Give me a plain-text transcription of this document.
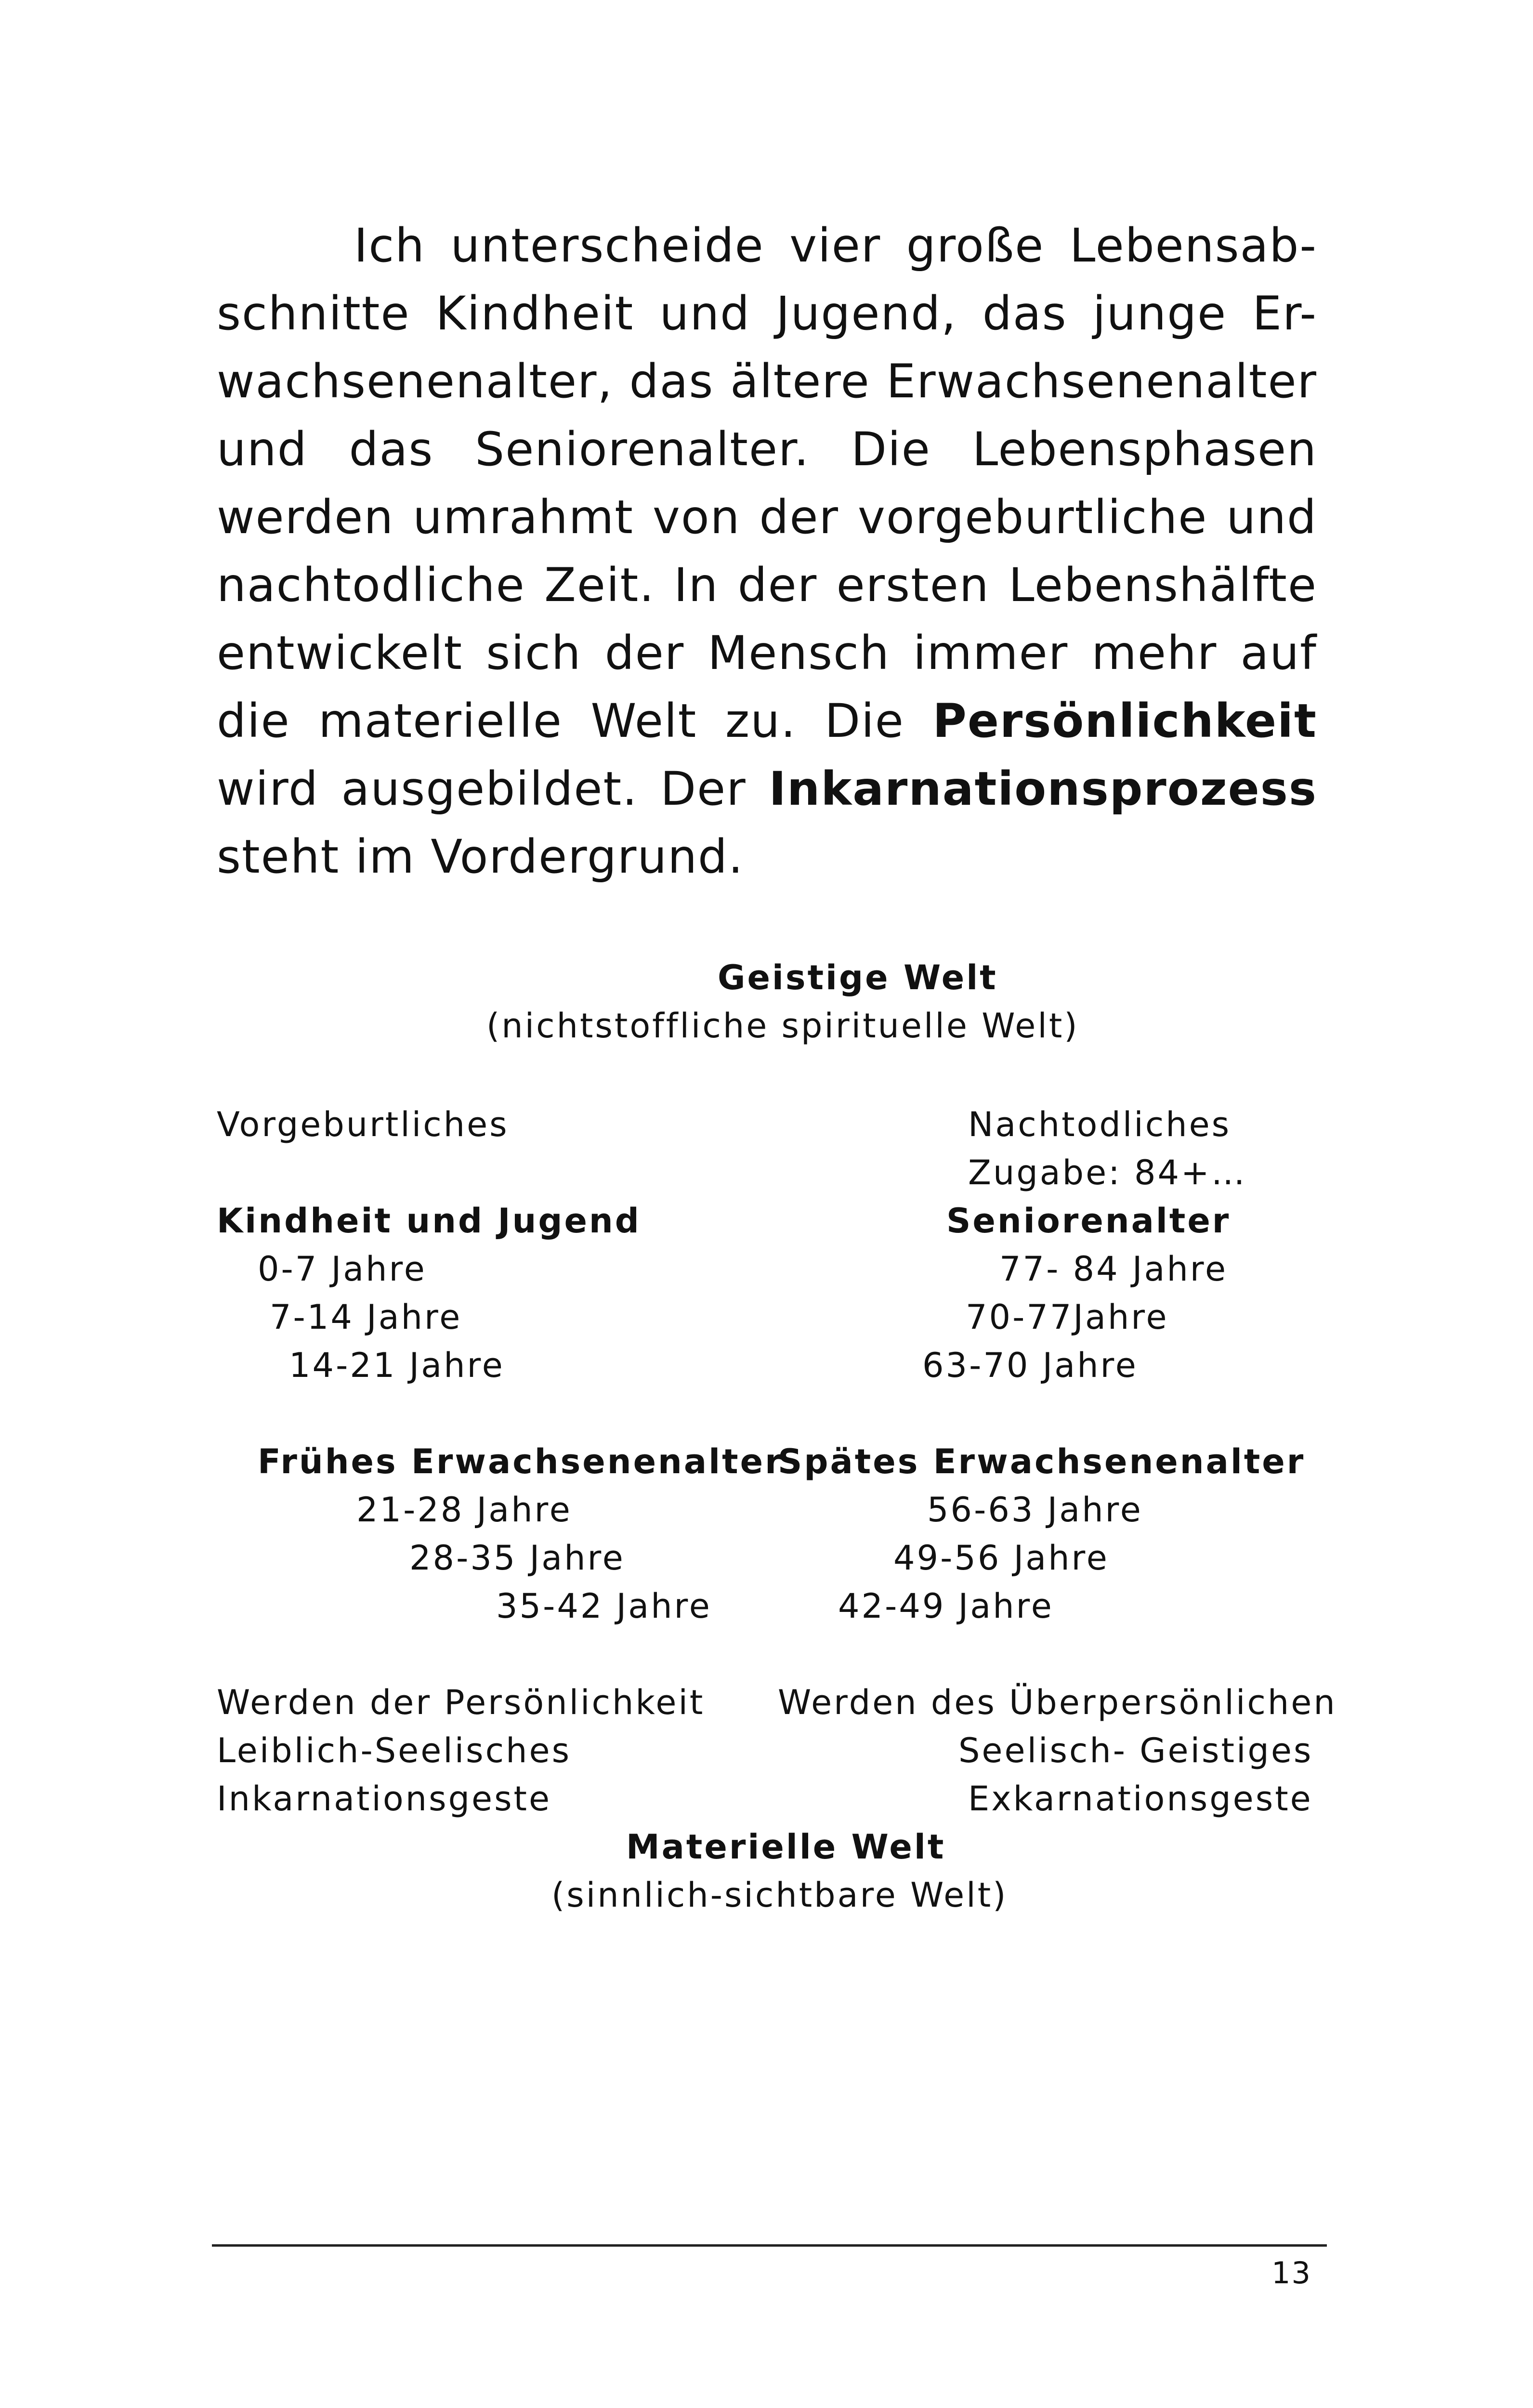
Ich unterscheide vier große Lebensab-
schnitte Kindheit und Jugend, das junge Er-
wachsenenalter, das ältere Erwachsenenalter
und das Seniorenalter. Die Lebensphasen
werden umrahmt von der vorgeburtliche und
nachtodliche Zeit. In der ersten Lebenshälfte
entwickelt sich der Mensch immer mehr auf
die materielle Welt zu. Die Persönlichkeit
wird ausgebildet. Der Inkarnationsprozess
steht im Vordergrund.
Geistige Welt
(nichtstoffliche spirituelle Welt)
Vorgeburtliches	Nachtodliches
Zugabe: 84+…
Kindheit und Jugend	Seniorenalter
0-7 Jahre
7-14 Jahre
14-21 Jahre
77- 84 Jahre
70-77Jahre
63-70 Jahre
Frühes Erwachsenenalter
Spätes Erwachsenenalter
21-28 Jahre
28-35 Jahre
35-42 Jahre
56-63 Jahre
49-56 Jahre
42-49 Jahre
Werden der Persönlichkeit
Leiblich-Seelisches
Inkarnationsgeste
Werden des Überpersönlichen
Seelisch- Geistiges
Exkarnationsgeste
Materielle Welt
(sinnlich-sichtbare Welt)
13
